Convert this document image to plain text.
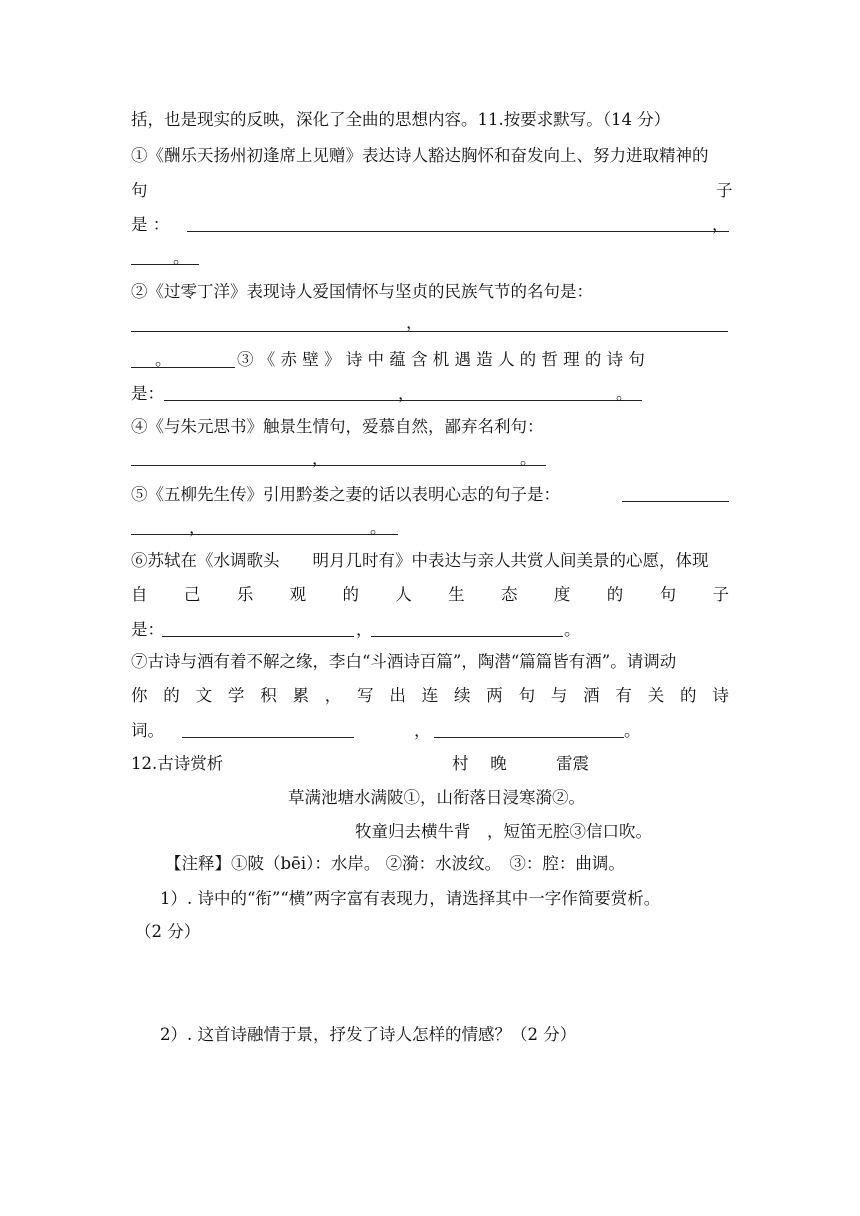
括，也是现实的反映，深化了全曲的思想内容。11.按要求默写。（14 分）
①《酬乐天扬州初逢席上见赠》表达诗人豁达胸怀和奋发向上、努力进取精神的
句	子
是 ：	，
。
②《过零丁洋》表现诗人爱国情怀与坚贞的民族气节的名句是：
，
。	③ 《 赤 壁 》 诗 中 蕴 含 机 遇 造 人 的 哲 理 的 诗 句
是：	，	。
④《与朱元思书》触景生情句，爱慕自然，鄙弃名利句：
，	。
⑤《五柳先生传》引用黔娄之妻的话以表明心志的句子是：
，	。
⑥苏轼在《水调歌头　　明月几时有》中表达与亲人共赏人间美景的心愿，体现
自 己 乐 观 的 人 生 态 度 的 句 子
是：	，	。
⑦古诗与酒有着不解之缘，李白“斗酒诗百篇”，陶潜“篇篇皆有酒”。请调动
你 的 文 学 积 累 ， 写 出 连 续 两 句 与 酒 有 关 的 诗
词。	，	。
12.古诗赏析	村　 晚	雷震
草满池塘水满陂①，山衔落日浸寒漪②。
牧童归去横牛背　，短笛无腔③信口吹。
【注释】①陂（bēi）：水岸。 ②漪：水波纹。　③：腔：曲调。
1）. 诗中的“衔”“横”两字富有表现力，请选择其中一字作简要赏析。
（2 分）
2）. 这首诗融情于景，抒发了诗人怎样的情感？（2 分）
